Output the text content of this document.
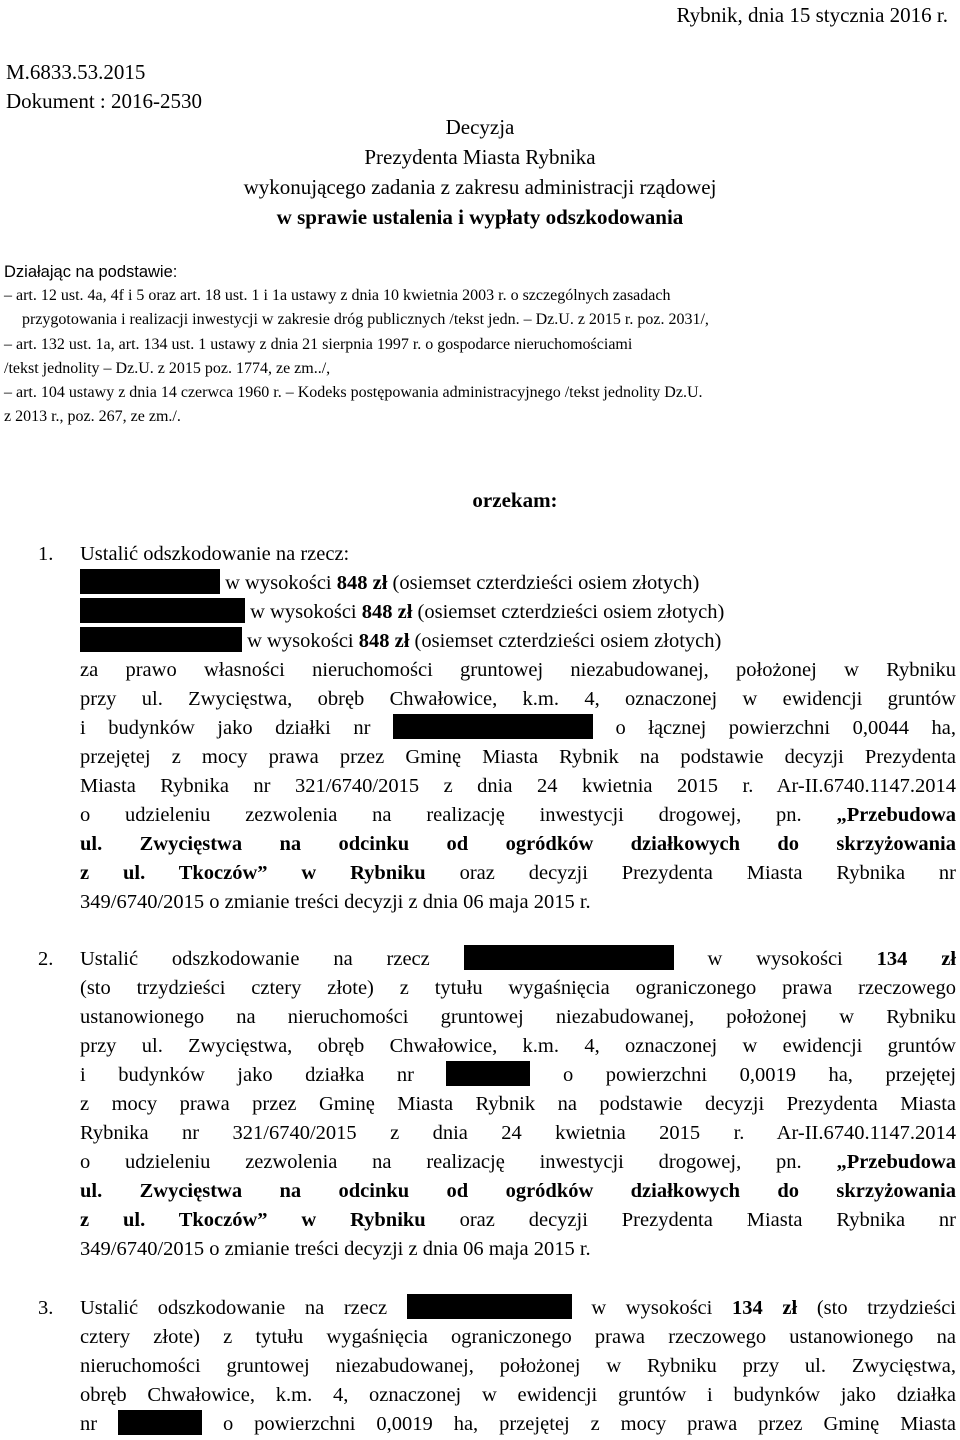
Rybnik, dnia 15 stycznia 2016 r.
M.6833.53.2015
Dokument : 2016-2530
Decyzja
Prezydenta Miasta Rybnika
wykonującego zadania z zakresu administracji rządowej
w sprawie ustalenia i wypłaty odszkodowania
Działając na podstawie:
– art. 12 ust. 4a, 4f i 5 oraz art. 18 ust. 1 i 1a ustawy z dnia 10 kwietnia 2003 r. o szczególnych zasadach
przygotowania i realizacji inwestycji w zakresie dróg publicznych /tekst jedn. – Dz.U. z 2015 r. poz. 2031/,
– art. 132 ust. 1a, art. 134 ust. 1 ustawy z dnia 21 sierpnia 1997 r. o gospodarce nieruchomościami
/tekst jednolity – Dz.U. z 2015 poz. 1774, ze zm../,
– art. 104 ustawy z dnia 14 czerwca 1960 r. – Kodeks postępowania administracyjnego /tekst jednolity Dz.U.
z 2013 r., poz. 267, ze zm./.
orzekam:
1. Ustalić odszkodowanie na rzecz:
w wysokości 848 zł (osiemset czterdzieści osiem złotych)
w wysokości 848 zł (osiemset czterdzieści osiem złotych)
w wysokości 848 zł (osiemset czterdzieści osiem złotych)
za prawo własności nieruchomości gruntowej niezabudowanej, położonej w Rybniku
przy ul. Zwycięstwa, obręb Chwałowice, k.m. 4, oznaczonej w ewidencji gruntów
i budynków jako działki nr	o łącznej powierzchni 0,0044 ha,
przejętej z mocy prawa przez Gminę Miasta Rybnik na podstawie decyzji Prezydenta
Miasta Rybnika nr 321/6740/2015 z dnia 24 kwietnia 2015 r. Ar-II.6740.1147.2014
o udzieleniu zezwolenia na realizację inwestycji drogowej, pn. „Przebudowa
ul. Zwycięstwa na odcinku od ogródków działkowych do skrzyżowania
z ul. Tkoczów” w Rybniku oraz decyzji Prezydenta Miasta Rybnika nr
349/6740/2015 o zmianie treści decyzji z dnia 06 maja 2015 r.
2. Ustalić odszkodowanie na rzecz	w wysokości 134 zł
(sto trzydzieści cztery złote) z tytułu wygaśnięcia ograniczonego prawa rzeczowego
ustanowionego na nieruchomości gruntowej niezabudowanej, położonej w Rybniku
przy ul. Zwycięstwa, obręb Chwałowice, k.m. 4, oznaczonej w ewidencji gruntów
i budynków jako działka nr	o powierzchni 0,0019 ha, przejętej
z mocy prawa przez Gminę Miasta Rybnik na podstawie decyzji Prezydenta Miasta
Rybnika nr 321/6740/2015 z dnia 24 kwietnia 2015 r. Ar-II.6740.1147.2014
o udzieleniu zezwolenia na realizację inwestycji drogowej, pn. „Przebudowa
ul. Zwycięstwa na odcinku od ogródków działkowych do skrzyżowania
z ul. Tkoczów” w Rybniku oraz decyzji Prezydenta Miasta Rybnika nr
349/6740/2015 o zmianie treści decyzji z dnia 06 maja 2015 r.
3. Ustalić odszkodowanie na rzecz	w wysokości 134 zł (sto trzydzieści
cztery złote) z tytułu wygaśnięcia ograniczonego prawa rzeczowego ustanowionego na
nieruchomości gruntowej niezabudowanej, położonej w Rybniku przy ul. Zwycięstwa,
obręb Chwałowice, k.m. 4, oznaczonej w ewidencji gruntów i budynków jako działka
nr	o powierzchni 0,0019 ha, przejętej z mocy prawa przez Gminę Miasta
